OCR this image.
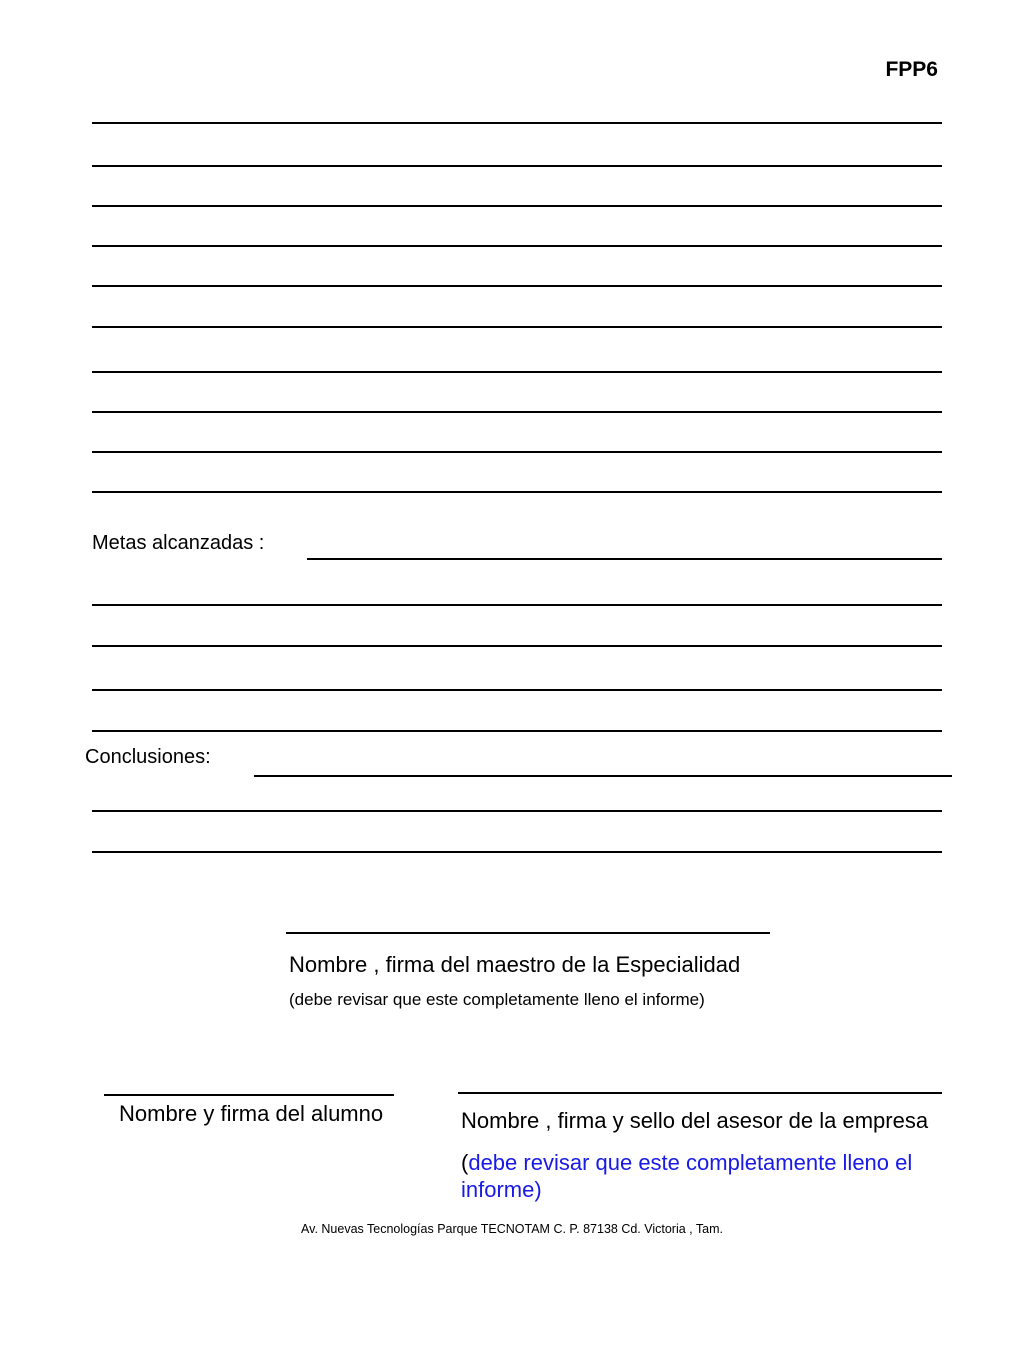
FPP6
Metas alcanzadas :
Conclusiones:
Nombre , firma del maestro de la Especialidad
(debe revisar que este completamente lleno el informe)
Nombre y firma del alumno	Nombre , firma y sello del asesor de la empresa
(debe revisar que este completamente lleno el informe)
Av. Nuevas Tecnologías Parque TECNOTAM C. P. 87138 Cd. Victoria , Tam.
